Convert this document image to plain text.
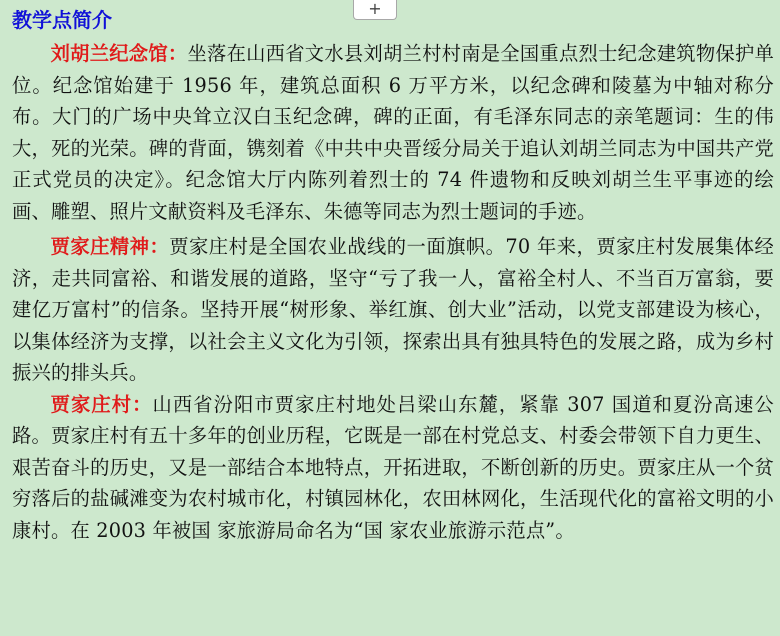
教学点简介

刘胡兰纪念馆：坐落在山西省文水县刘胡兰村村南是全国重点烈士纪念建筑物保护单位。纪念馆始建于 1956 年，建筑总面积 6 万平方米，以纪念碑和陵墓为中轴对称分布。大门的广场中央耸立汉白玉纪念碑，碑的正面，有毛泽东同志的亲笔题词：生的伟大，死的光荣。碑的背面，镌刻着《中共中央晋绥分局关于追认刘胡兰同志为中国共产党正式党员的决定》。纪念馆大厅内陈列着烈士的 74 件遗物和反映刘胡兰生平事迹的绘画、雕塑、照片文献资料及毛泽东、朱德等同志为烈士题词的手迹。

贾家庄精神：贾家庄村是全国农业战线的一面旗帜。70 年来，贾家庄村发展集体经济，走共同富裕、和谐发展的道路，坚守“亏了我一人，富裕全村人、不当百万富翁，要建亿万富村”的信条。坚持开展“树形象、举红旗、创大业”活动，以党支部建设为核心，以集体经济为支撑，以社会主义文化为引领，探索出具有独具特色的发展之路，成为乡村振兴的排头兵。

贾家庄村：山西省汾阳市贾家庄村地处吕梁山东麓，紧靠 307 国道和夏汾高速公路。贾家庄村有五十多年的创业历程，它既是一部在村党总支、村委会带领下自力更生、艰苦奋斗的历史，又是一部结合本地特点，开拓进取，不断创新的历史。贾家庄从一个贫穷落后的盐碱滩变为农村城市化，村镇园林化，农田林网化，生活现代化的富裕文明的小康村。在 2003 年被国 家旅游局命名为“国 家农业旅游示范点”。

+
